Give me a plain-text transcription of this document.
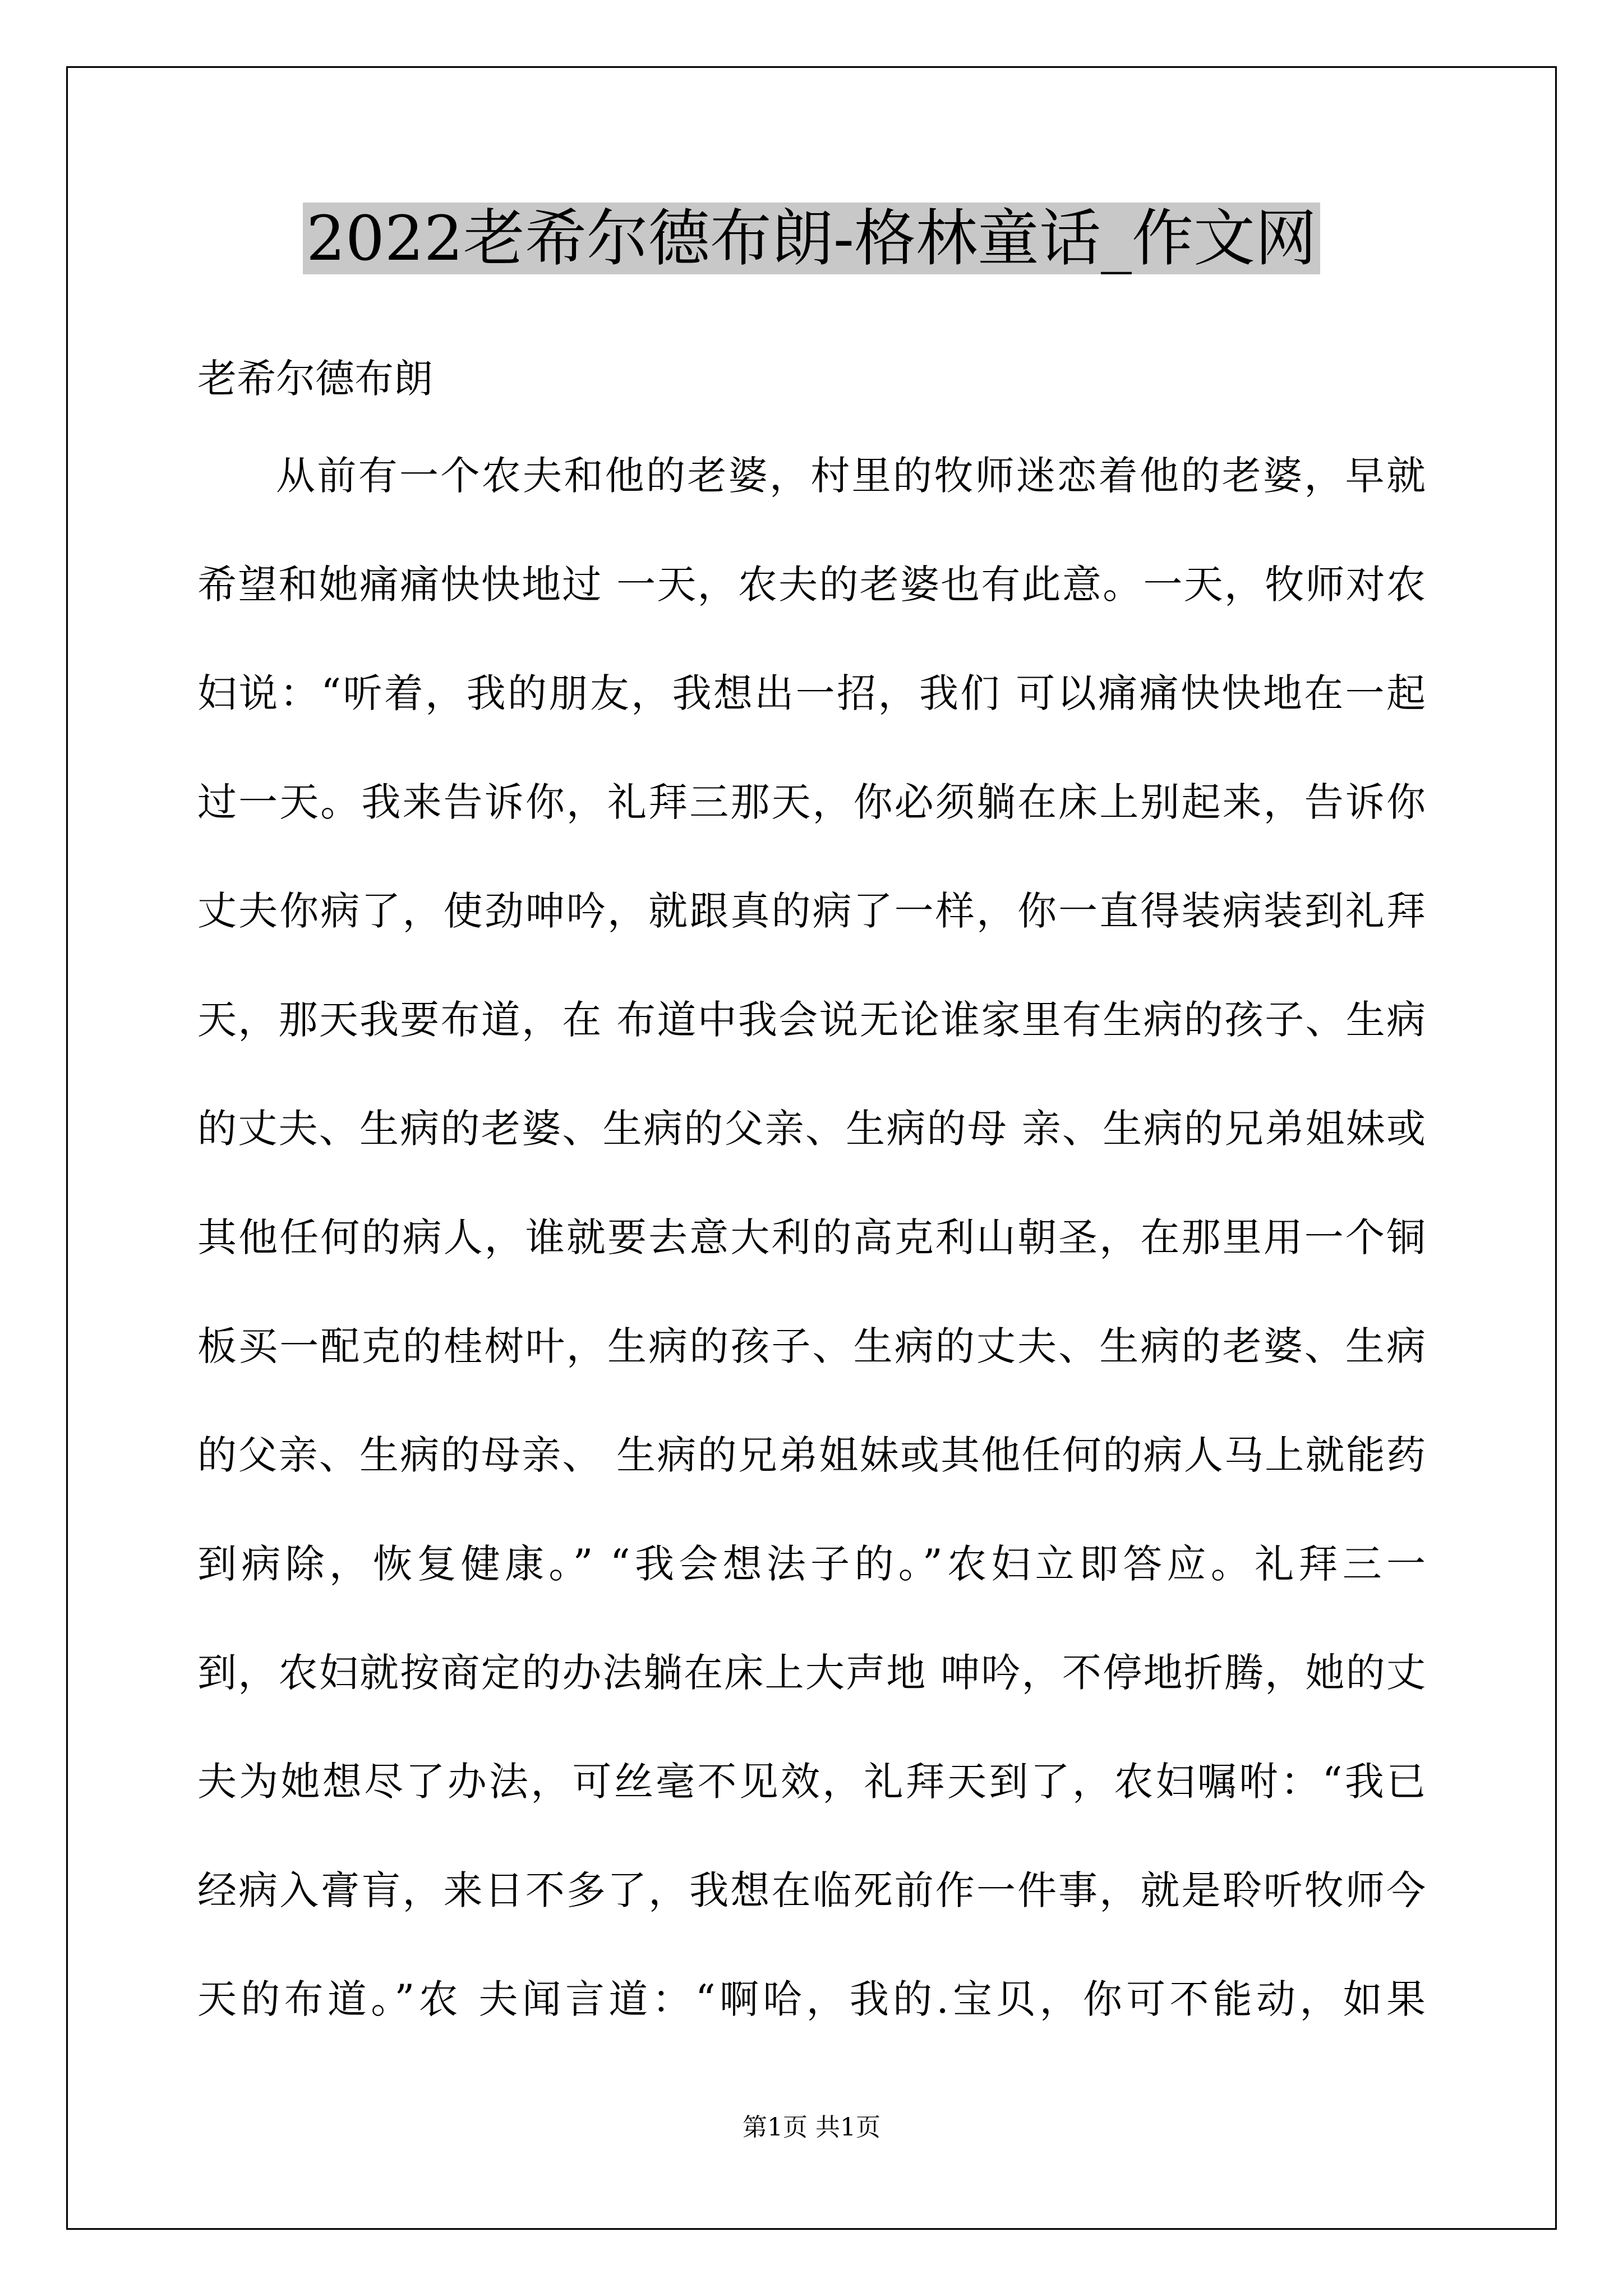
2022老希尔德布朗-格林童话_作文网

老希尔德布朗

从前有一个农夫和他的老婆，村里的牧师迷恋着他的老婆，早就
希望和她痛痛快快地过 一天，农夫的老婆也有此意。一天，牧师对农
妇说：“听着，我的朋友，我想出一招，我们 可以痛痛快快地在一起
过一天。我来告诉你，礼拜三那天，你必须躺在床上别起来，告诉你
丈夫你病了，使劲呻吟，就跟真的病了一样，你一直得装病装到礼拜
天，那天我要布道，在 布道中我会说无论谁家里有生病的孩子、生病
的丈夫、生病的老婆、生病的父亲、生病的母 亲、生病的兄弟姐妹或
其他任何的病人，谁就要去意大利的高克利山朝圣，在那里用一个铜
板买一配克的桂树叶，生病的孩子、生病的丈夫、生病的老婆、生病
的父亲、生病的母亲、 生病的兄弟姐妹或其他任何的病人马上就能药
到病除，恢复健康。” “我会想法子的。”农妇立即答应。礼拜三一
到，农妇就按商定的办法躺在床上大声地 呻吟，不停地折腾，她的丈
夫为她想尽了办法，可丝毫不见效，礼拜天到了，农妇嘱咐：“我已
经病入膏肓，来日不多了，我想在临死前作一件事，就是聆听牧师今
天的布道。”农 夫闻言道：“啊哈，我的.宝贝，你可不能动，如果
第1页 共1页
